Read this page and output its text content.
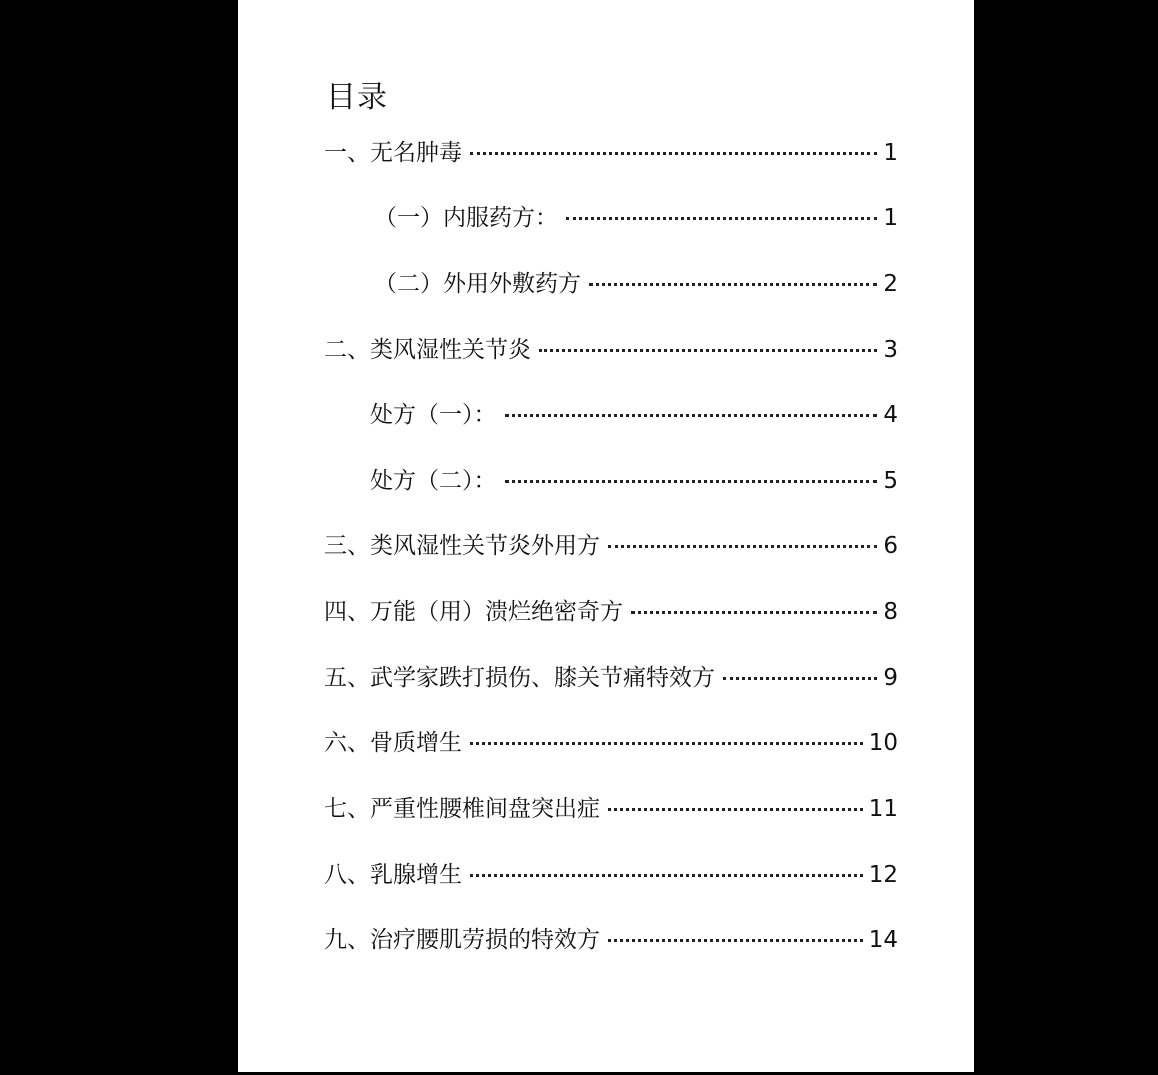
目录
一、无名肿毒	1
（一）内服药方：	1
（二）外用外敷药方	2
二、类风湿性关节炎	3
处方（一）：	4
处方（二）：	5
三、类风湿性关节炎外用方	6
四、万能（用）溃烂绝密奇方	8
五、武学家跌打损伤、膝关节痛特效方	9
六、骨质增生	10
七、严重性腰椎间盘突出症	11
八、乳腺增生	12
九、治疗腰肌劳损的特效方	14
